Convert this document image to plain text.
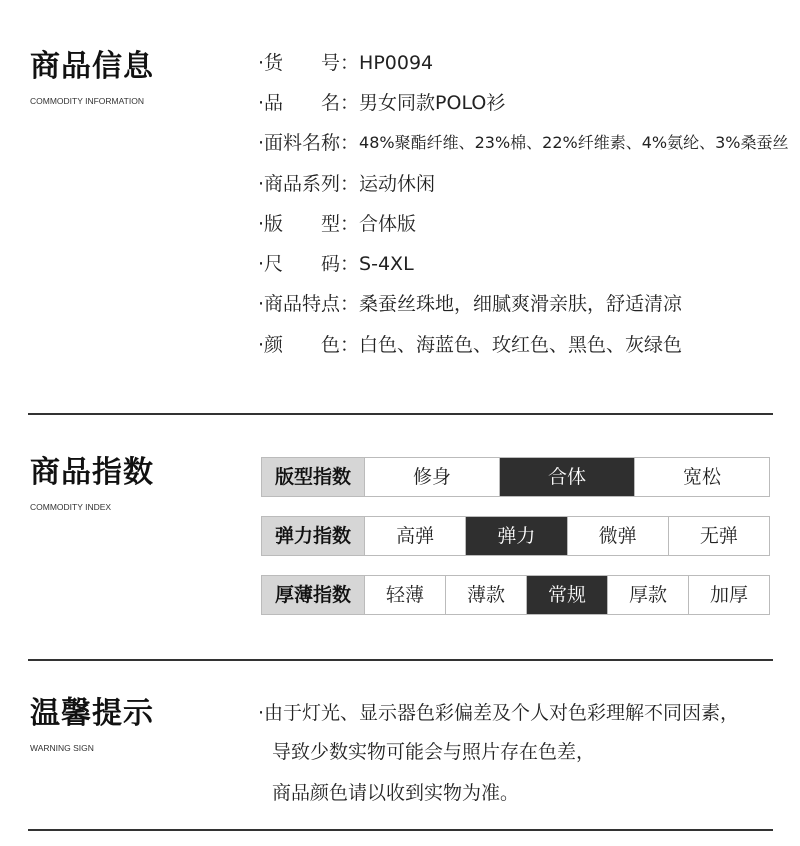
商品信息
COMMODITY INFORMATION
·货　　号：HP0094
·品　　名：男女同款POLO衫
·面料名称：48%聚酯纤维、23%棉、22%纤维素、4%氨纶、3%桑蚕丝
·商品系列：运动休闲
·版　　型：合体版
·尺　　码：S-4XL
·商品特点：桑蚕丝珠地，细腻爽滑亲肤，舒适清凉
·颜　　色：白色、海蓝色、玫红色、黑色、灰绿色
商品指数
COMMODITY INDEX
版型指数	修身	合体	宽松
弹力指数	高弹	弹力	微弹	无弹
厚薄指数	轻薄	薄款	常规	厚款	加厚
温馨提示
WARNING SIGN
·由于灯光、显示器色彩偏差及个人对色彩理解不同因素，
导致少数实物可能会与照片存在色差，
商品颜色请以收到实物为准。
